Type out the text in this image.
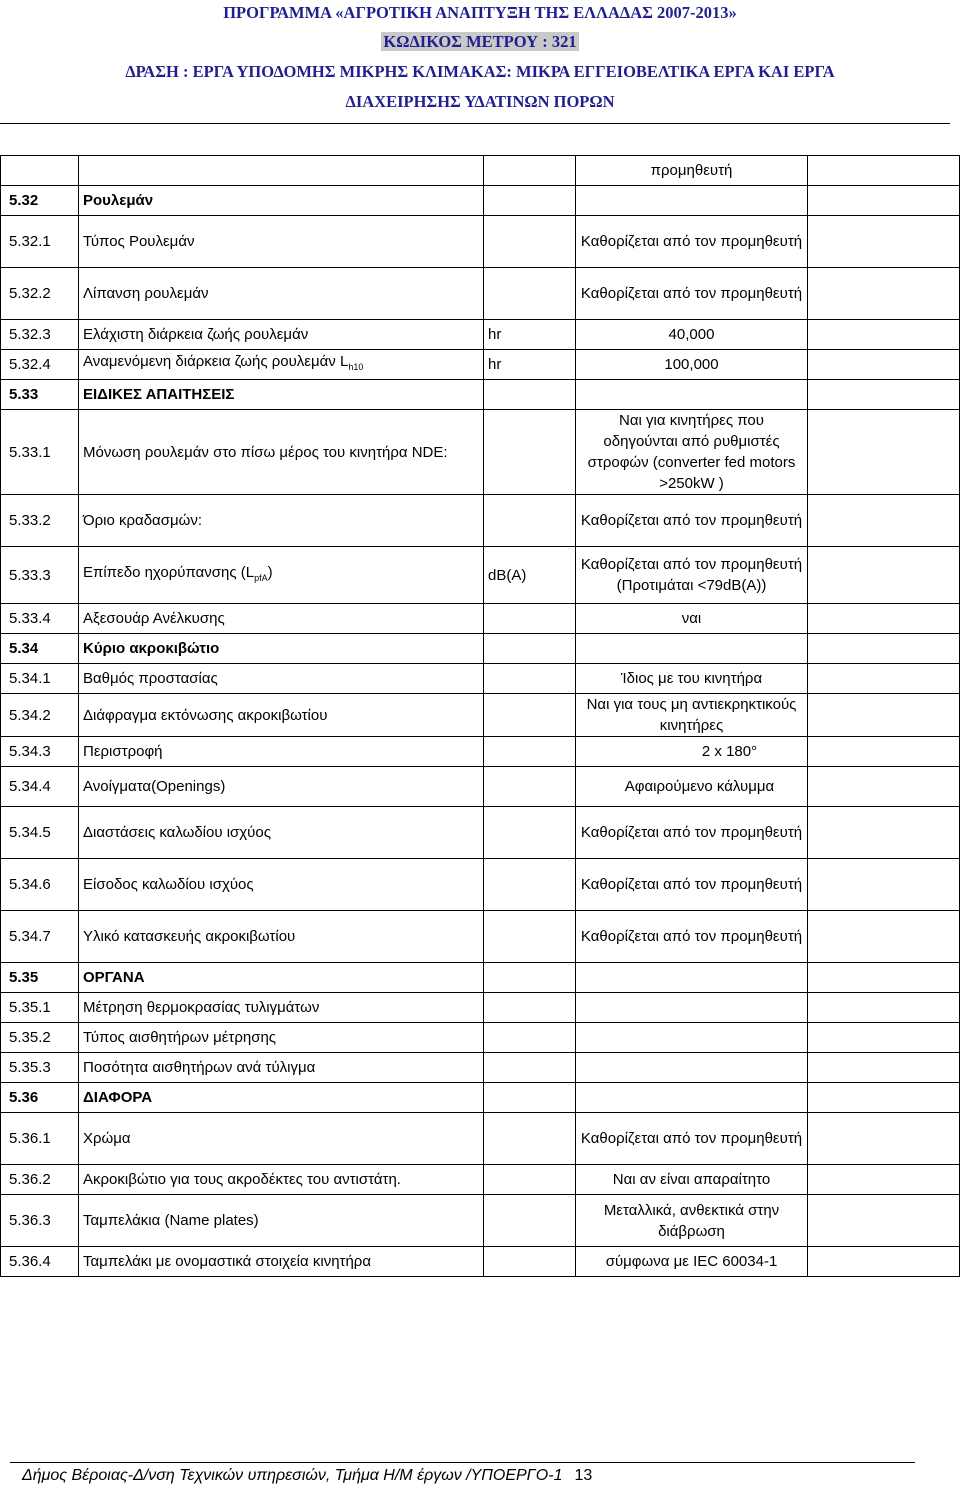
ΠΡΟΓΡΑΜΜΑ «ΑΓΡΟΤΙΚΗ ΑΝΑΠΤΥΞΗ ΤΗΣ ΕΛΛΑΔΑΣ 2007-2013»
ΚΩΔΙΚΟΣ ΜΕΤΡΟΥ : 321
ΔΡΑΣΗ : ΕΡΓΑ ΥΠΟΔΟΜΗΣ ΜΙΚΡΗΣ ΚΛΙΜΑΚΑΣ: ΜΙΚΡΑ ΕΓΓΕΙΟΒΕΛΤΙΚΑ ΕΡΓΑ ΚΑΙ ΕΡΓΑ
ΔΙΑΧΕΙΡΗΣΗΣ ΥΔΑΤΙΝΩΝ ΠΟΡΩΝ
			προμηθευτή	
5.32	Ρουλεμάν			
5.32.1	Τύπος Ρουλεμάν		Καθορίζεται από τον προμηθευτή	
5.32.2	Λίπανση ρουλεμάν		Καθορίζεται από τον προμηθευτή	
5.32.3	Ελάχιστη διάρκεια ζωής ρουλεμάν	hr	40,000	
5.32.4	Αναμενόμενη διάρκεια ζωής ρουλεμάν $L_{h10}$	hr	100,000	
5.33	ΕΙΔΙΚΕΣ ΑΠΑΙΤΗΣΕΙΣ			
5.33.1	Μόνωση ρουλεμάν στο πίσω μέρος του κινητήρα NDE:		Ναι για κινητήρες που οδηγούνται από ρυθμιστές στροφών (converter fed motors >250kW )	
5.33.2	Όριο κραδασμών:		Καθορίζεται από τον προμηθευτή	
5.33.3	Επίπεδο ηχορύπανσης $(L_{pfA})$	dB(A)	Καθορίζεται από τον προμηθευτή (Προτιμάται <79dB(A))	
5.33.4	Αξεσουάρ Ανέλκυσης		ναι	
5.34	Κύριο ακροκιβώτιο			
5.34.1	Βαθμός προστασίας		Ίδιος με του κινητήρα	
5.34.2	Διάφραγμα εκτόνωσης ακροκιβωτίου		Ναι για τους μη αντιεκρηκτικούς κινητήρες	
5.34.3	Περιστροφή		2 x 180°	
5.34.4	Ανοίγματα(Openings)		Αφαιρούμενο κάλυμμα	
5.34.5	Διαστάσεις καλωδίου ισχύος		Καθορίζεται από τον προμηθευτή	
5.34.6	Είσοδος καλωδίου ισχύος		Καθορίζεται από τον προμηθευτή	
5.34.7	Υλικό κατασκευής ακροκιβωτίου		Καθορίζεται από τον προμηθευτή	
5.35	ΟΡΓΑΝΑ			
5.35.1	Μέτρηση θερμοκρασίας τυλιγμάτων			
5.35.2	Τύπος αισθητήρων μέτρησης			
5.35.3	Ποσότητα αισθητήρων ανά τύλιγμα			
5.36	ΔΙΑΦΟΡΑ			
5.36.1	Χρώμα		Καθορίζεται από τον προμηθευτή	
5.36.2	Ακροκιβώτιο για τους ακροδέκτες του αντιστάτη.		Ναι αν είναι απαραίτητο	
5.36.3	Ταμπελάκια (Name plates)		Μεταλλικά, ανθεκτικά στην διάβρωση	
5.36.4	Ταμπελάκι με ονομαστικά στοιχεία κινητήρα		σύμφωνα με IEC 60034-1	
Δήμος Βέροιας-Δ/νση Τεχνικών υπηρεσιών, Τμήμα Η/Μ έργων /ΥΠΟΕΡΓΟ-1 13
